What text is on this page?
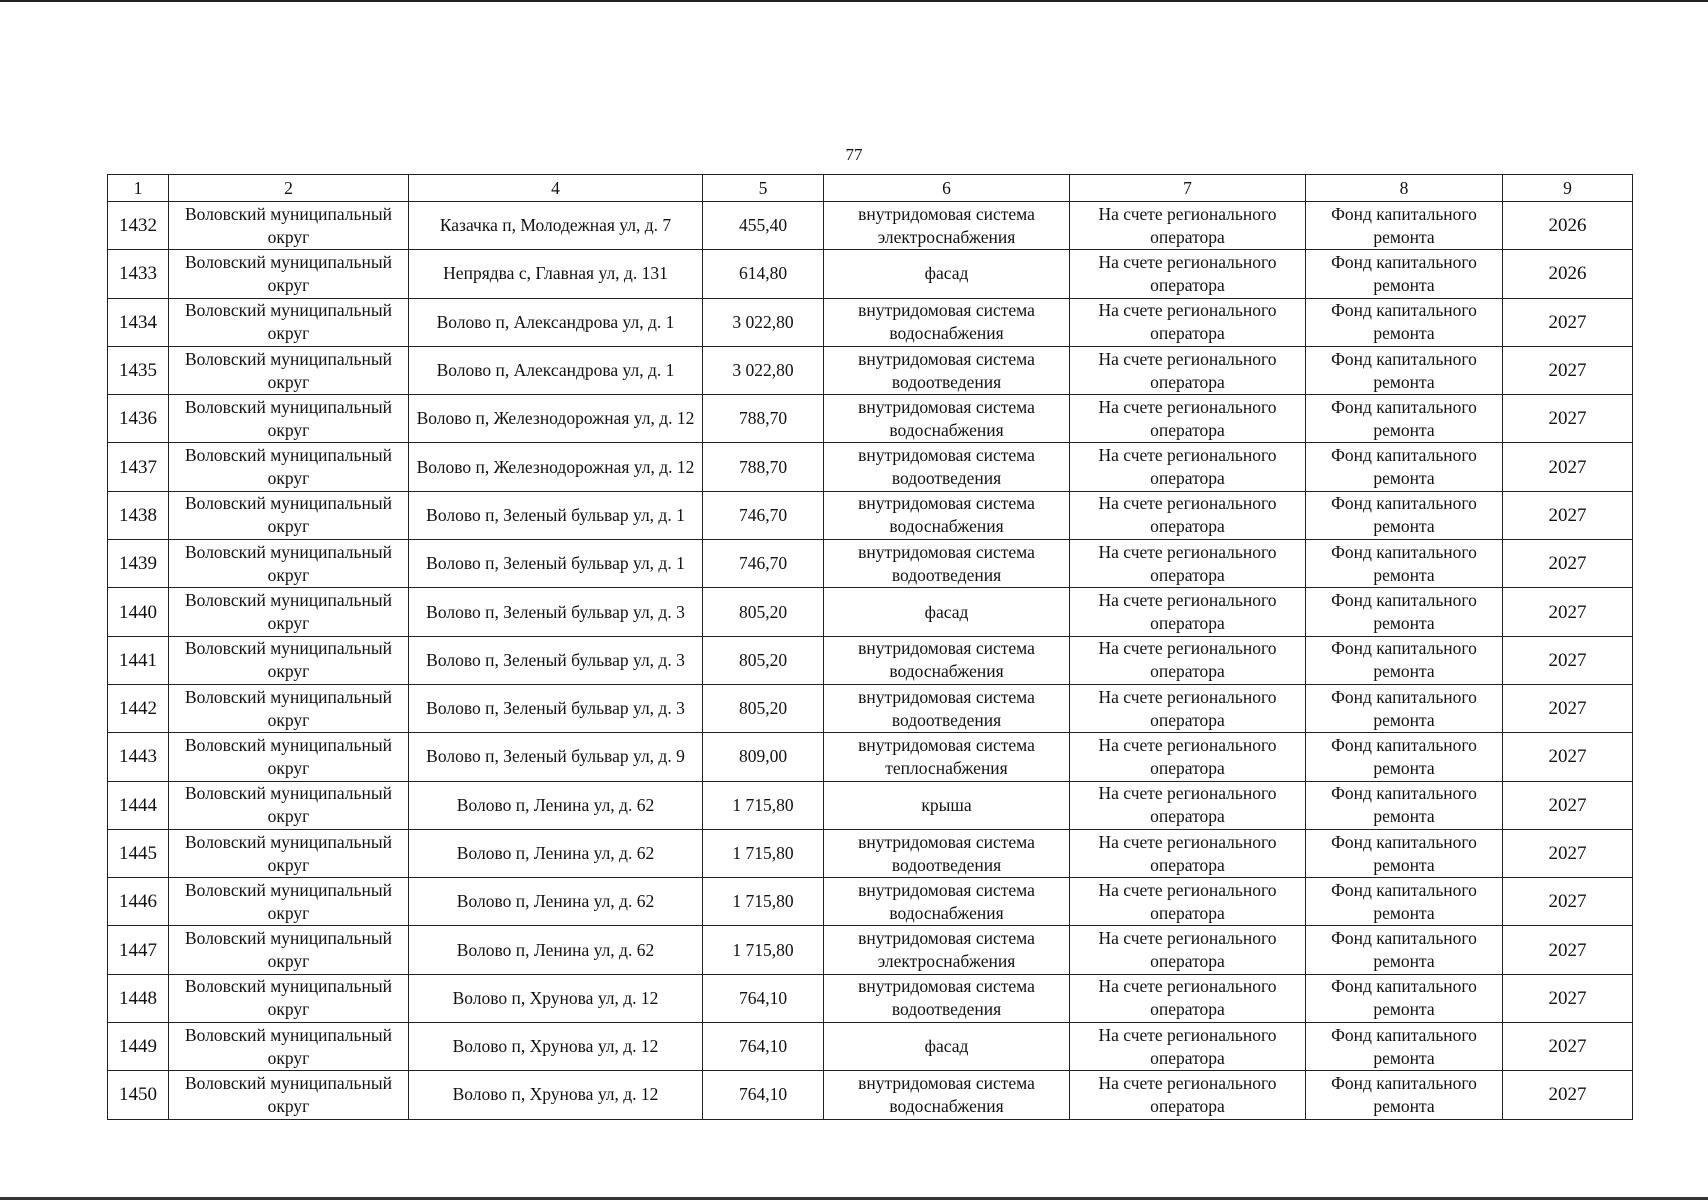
77
1	2	4	5	6	7	8	9
1432	Воловский муниципальный округ	Казачка п, Молодежная ул, д. 7	455,40	внутридомовая система электроснабжения	На счете регионального оператора	Фонд капитального ремонта	2026
1433	Воловский муниципальный округ	Непрядва с, Главная ул, д. 131	614,80	фасад	На счете регионального оператора	Фонд капитального ремонта	2026
1434	Воловский муниципальный округ	Волово п, Александрова ул, д. 1	3 022,80	внутридомовая система водоснабжения	На счете регионального оператора	Фонд капитального ремонта	2027
1435	Воловский муниципальный округ	Волово п, Александрова ул, д. 1	3 022,80	внутридомовая система водоотведения	На счете регионального оператора	Фонд капитального ремонта	2027
1436	Воловский муниципальный округ	Волово п, Железнодорожная ул, д. 12	788,70	внутридомовая система водоснабжения	На счете регионального оператора	Фонд капитального ремонта	2027
1437	Воловский муниципальный округ	Волово п, Железнодорожная ул, д. 12	788,70	внутридомовая система водоотведения	На счете регионального оператора	Фонд капитального ремонта	2027
1438	Воловский муниципальный округ	Волово п, Зеленый бульвар ул, д. 1	746,70	внутридомовая система водоснабжения	На счете регионального оператора	Фонд капитального ремонта	2027
1439	Воловский муниципальный округ	Волово п, Зеленый бульвар ул, д. 1	746,70	внутридомовая система водоотведения	На счете регионального оператора	Фонд капитального ремонта	2027
1440	Воловский муниципальный округ	Волово п, Зеленый бульвар ул, д. 3	805,20	фасад	На счете регионального оператора	Фонд капитального ремонта	2027
1441	Воловский муниципальный округ	Волово п, Зеленый бульвар ул, д. 3	805,20	внутридомовая система водоснабжения	На счете регионального оператора	Фонд капитального ремонта	2027
1442	Воловский муниципальный округ	Волово п, Зеленый бульвар ул, д. 3	805,20	внутридомовая система водоотведения	На счете регионального оператора	Фонд капитального ремонта	2027
1443	Воловский муниципальный округ	Волово п, Зеленый бульвар ул, д. 9	809,00	внутридомовая система теплоснабжения	На счете регионального оператора	Фонд капитального ремонта	2027
1444	Воловский муниципальный округ	Волово п, Ленина ул, д. 62	1 715,80	крыша	На счете регионального оператора	Фонд капитального ремонта	2027
1445	Воловский муниципальный округ	Волово п, Ленина ул, д. 62	1 715,80	внутридомовая система водоотведения	На счете регионального оператора	Фонд капитального ремонта	2027
1446	Воловский муниципальный округ	Волово п, Ленина ул, д. 62	1 715,80	внутридомовая система водоснабжения	На счете регионального оператора	Фонд капитального ремонта	2027
1447	Воловский муниципальный округ	Волово п, Ленина ул, д. 62	1 715,80	внутридомовая система электроснабжения	На счете регионального оператора	Фонд капитального ремонта	2027
1448	Воловский муниципальный округ	Волово п, Хрунова ул, д. 12	764,10	внутридомовая система водоотведения	На счете регионального оператора	Фонд капитального ремонта	2027
1449	Воловский муниципальный округ	Волово п, Хрунова ул, д. 12	764,10	фасад	На счете регионального оператора	Фонд капитального ремонта	2027
1450	Воловский муниципальный округ	Волово п, Хрунова ул, д. 12	764,10	внутридомовая система водоснабжения	На счете регионального оператора	Фонд капитального ремонта	2027
